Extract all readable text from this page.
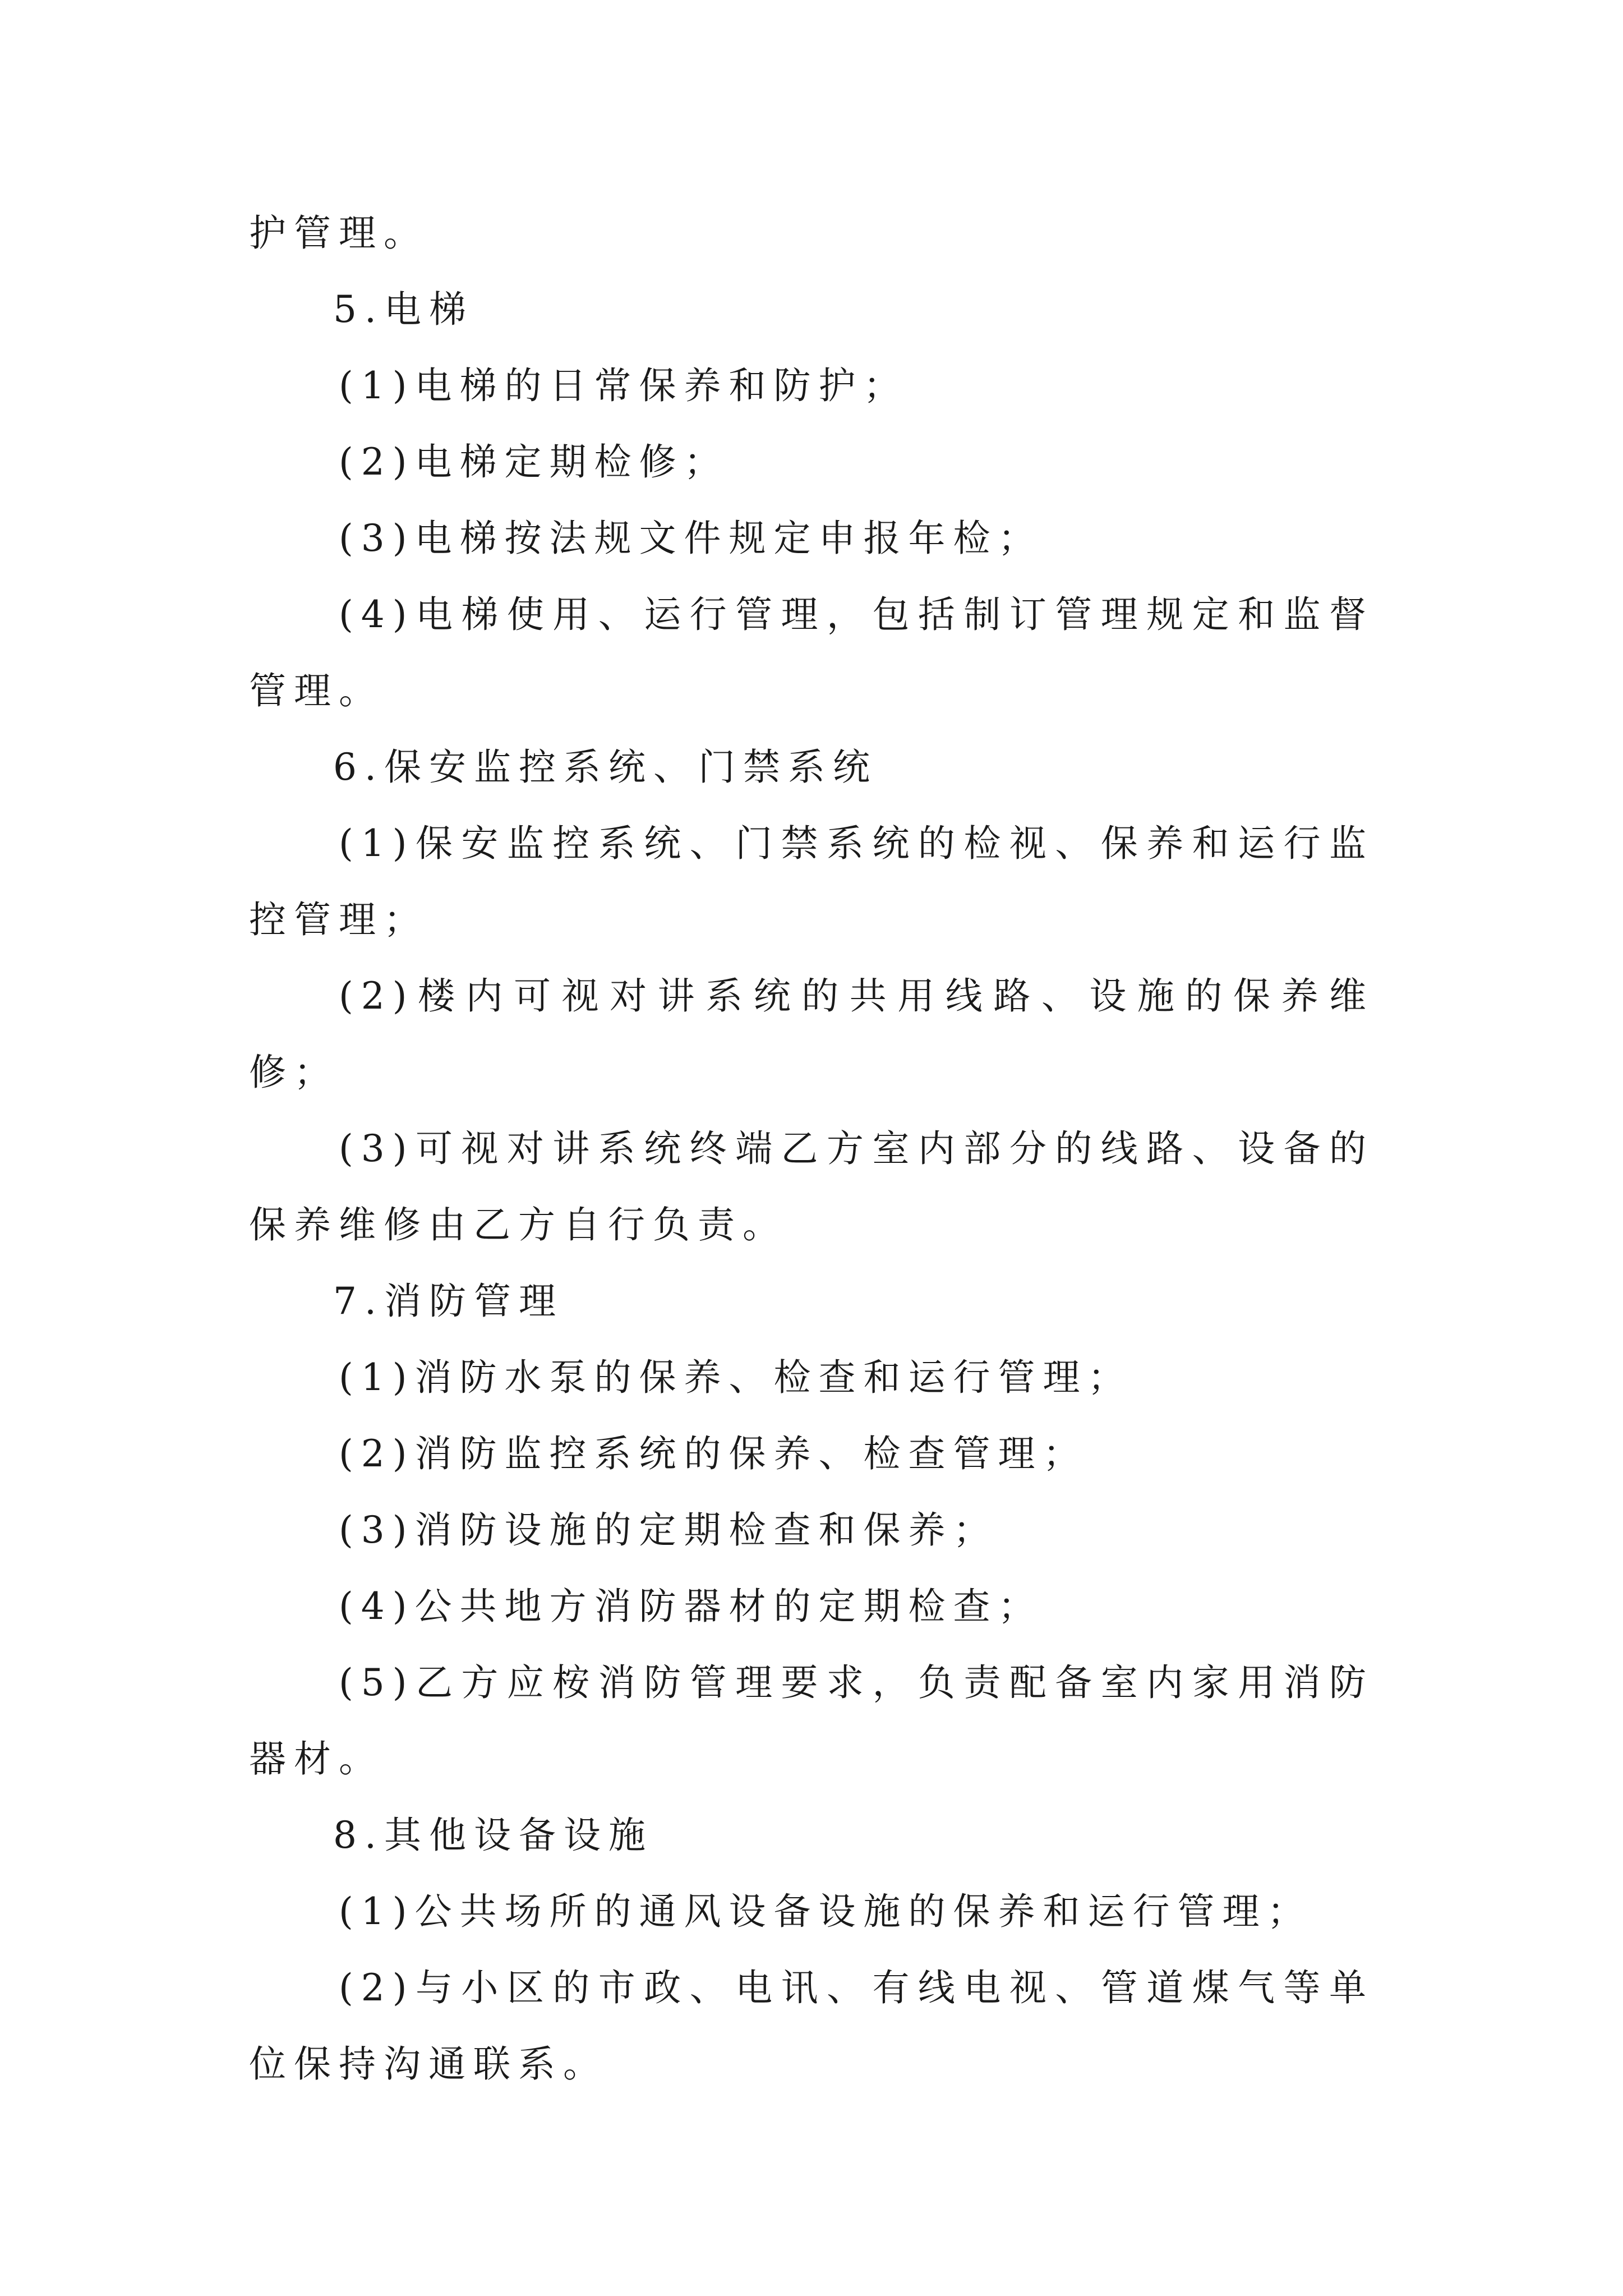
护管理。

5.电梯

(1)电梯的日常保养和防护；

(2)电梯定期检修；

(3)电梯按法规文件规定申报年检；

(4)电梯使用、运行管理，包括制订管理规定和监督管理。

6.保安监控系统、门禁系统

(1)保安监控系统、门禁系统的检视、保养和运行监控管理；

(2)楼内可视对讲系统的共用线路、设施的保养维修；

(3)可视对讲系统终端乙方室内部分的线路、设备的保养维修由乙方自行负责。

7.消防管理

(1)消防水泵的保养、检查和运行管理；

(2)消防监控系统的保养、检查管理；

(3)消防设施的定期检查和保养；

(4)公共地方消防器材的定期检查；

(5)乙方应桉消防管理要求，负责配备室内家用消防器材。

8.其他设备设施

(1)公共场所的通风设备设施的保养和运行管理；

(2)与小区的市政、电讯、有线电视、管道煤气等单位保持沟通联系。
